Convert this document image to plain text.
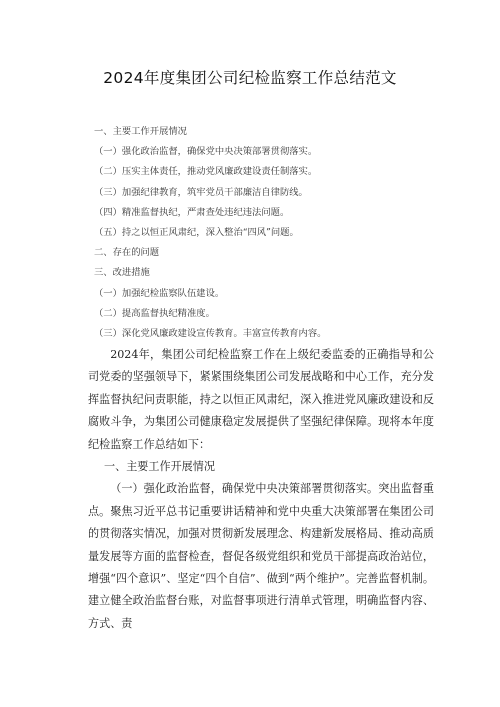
2024年度集团公司纪检监察工作总结范文
一、主要工作开展情况
（一）强化政治监督，确保党中央决策部署贯彻落实。
（二）压实主体责任，推动党风廉政建设责任制落实。
（三）加强纪律教育，筑牢党员干部廉洁自律防线。
（四）精准监督执纪，严肃查处违纪违法问题。
（五）持之以恒正风肃纪，深入整治“四风”问题。
二、存在的问题
三、改进措施
（一）加强纪检监察队伍建设。
（二）提高监督执纪精准度。
（三）深化党风廉政建设宣传教育。丰富宣传教育内容。

2024年，集团公司纪检监察工作在上级纪委监委的正确指导和公司党委的坚强领导下，紧紧围绕集团公司发展战略和中心工作，充分发挥监督执纪问责职能，持之以恒正风肃纪，深入推进党风廉政建设和反腐败斗争，为集团公司健康稳定发展提供了坚强纪律保障。现将本年度纪检监察工作总结如下：

一、主要工作开展情况

（一）强化政治监督，确保党中央决策部署贯彻落实。突出监督重点。聚焦习近平总书记重要讲话精神和党中央重大决策部署在集团公司的贯彻落实情况，加强对贯彻新发展理念、构建新发展格局、推动高质量发展等方面的监督检查，督促各级党组织和党员干部提高政治站位，增强“四个意识”、坚定“四个自信”、做到“两个维护”。完善监督机制。建立健全政治监督台账，对监督事项进行清单式管理，明确监督内容、方式、责
